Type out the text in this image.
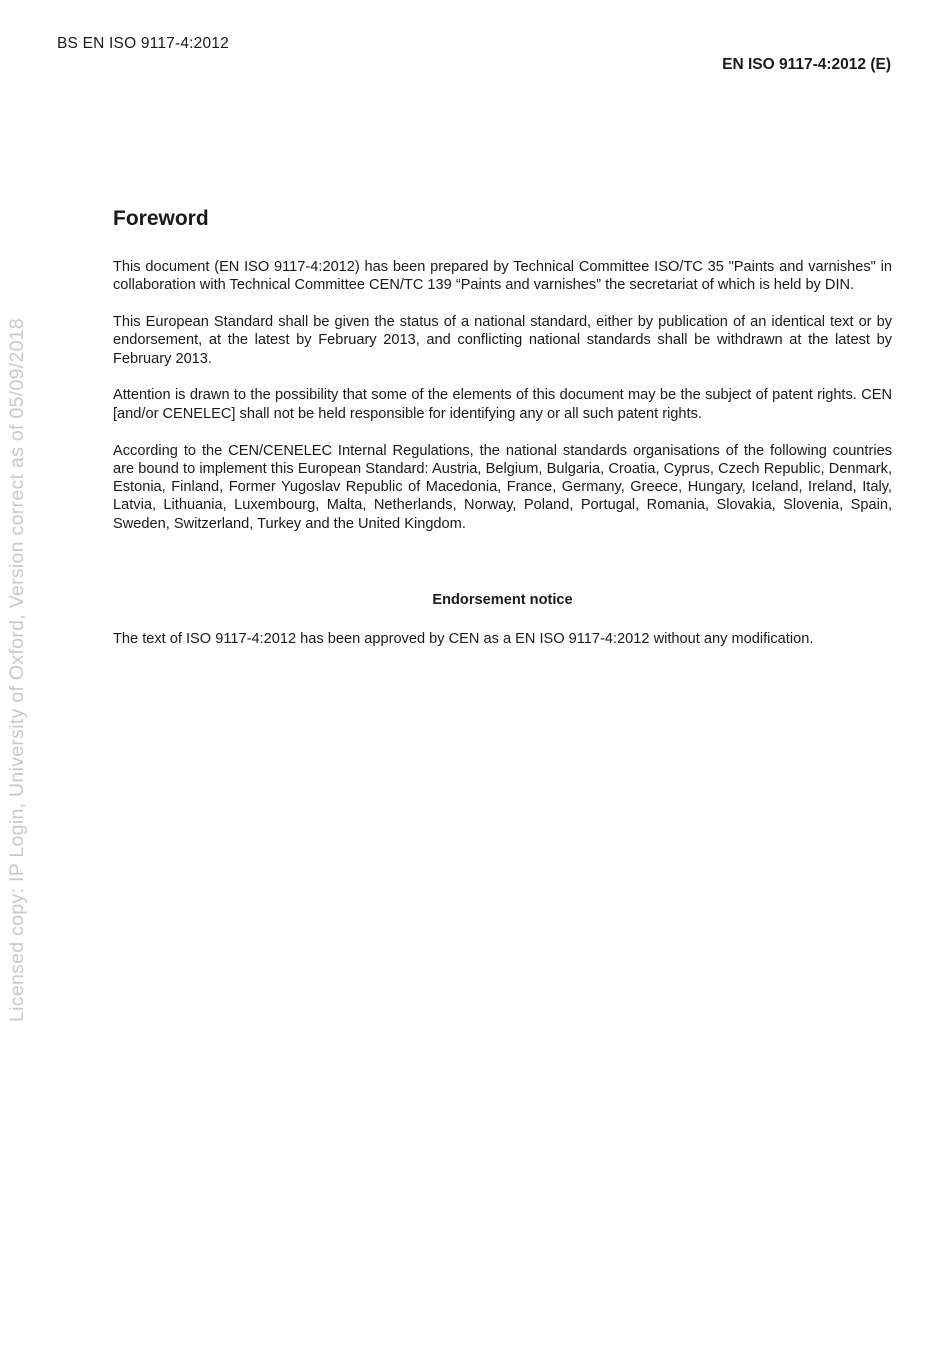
BS EN ISO 9117-4:2012
EN ISO 9117-4:2012 (E)
Licensed copy: IP Login, University of Oxford, Version correct as of 05/09/2018
Foreword

This document (EN ISO 9117-4:2012) has been prepared by Technical Committee ISO/TC 35 "Paints and varnishes" in collaboration with Technical Committee CEN/TC 139 “Paints and varnishes” the secretariat of which is held by DIN.

This European Standard shall be given the status of a national standard, either by publication of an identical text or by endorsement, at the latest by February 2013, and conflicting national standards shall be withdrawn at the latest by February 2013.

Attention is drawn to the possibility that some of the elements of this document may be the subject of patent rights. CEN [and/or CENELEC] shall not be held responsible for identifying any or all such patent rights.

According to the CEN/CENELEC Internal Regulations, the national standards organisations of the following countries are bound to implement this European Standard: Austria, Belgium, Bulgaria, Croatia, Cyprus, Czech Republic, Denmark, Estonia, Finland, Former Yugoslav Republic of Macedonia, France, Germany, Greece, Hungary, Iceland, Ireland, Italy, Latvia, Lithuania, Luxembourg, Malta, Netherlands, Norway, Poland, Portugal, Romania, Slovakia, Slovenia, Spain, Sweden, Switzerland, Turkey and the United Kingdom.

Endorsement notice
The text of ISO 9117-4:2012 has been approved by CEN as a EN ISO 9117-4:2012 without any modification.
